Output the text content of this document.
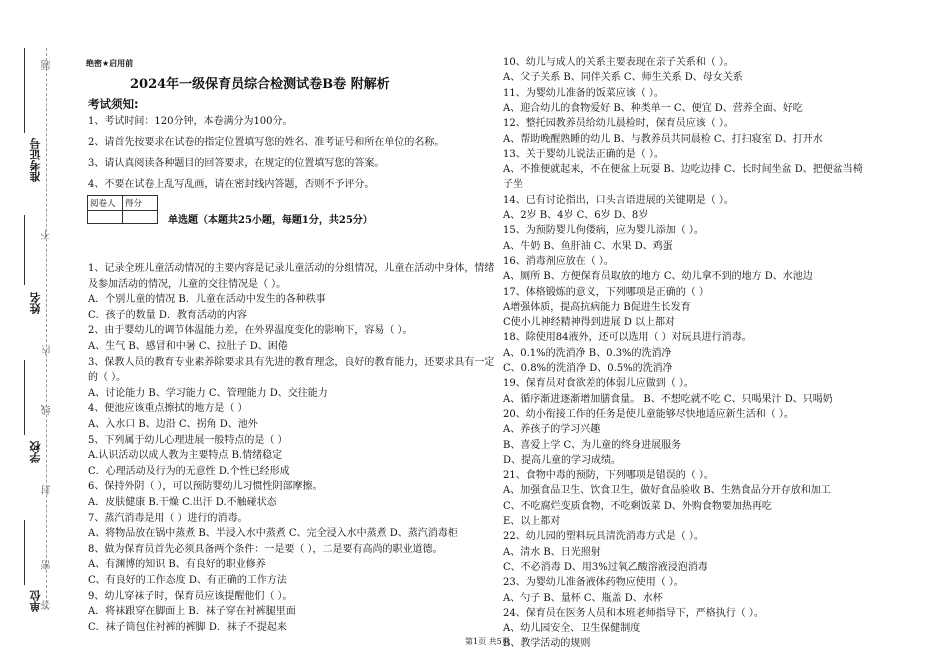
准考证号
姓名
学校
单位
题
不
内
线
封
密
答
绝密★启用前
2024年一级保育员综合检测试卷B卷 附解析
考试须知:
1、考试时间：120分钟，本卷满分为100分。
2、请首先按要求在试卷的指定位置填写您的姓名、准考证号和所在单位的名称。
3、请认真阅读各种题目的回答要求，在规定的位置填写您的答案。
4、不要在试卷上乱写乱画，请在密封线内答题，否则不予评分。
阅卷人	得分

单选题（本题共25小题，每题1分，共25分）
1、记录全班儿童活动情况的主要内容是记录儿童活动的分组情况，儿童在活动中身体，情绪
及参加活动的情况，儿童的交往情况是（ ）。
A．个别儿童的情况 B．儿童在活动中发生的各种秩事
C．孩子的数量 D．教育活动的内容
2、由于婴幼儿的调节体温能力差，在外界温度变化的影响下，容易（ ）。
A、生气 B、感冒和中暑 C、拉肚子 D、困倦
3、保教人员的教育专业素养除要求具有先进的教育理念，良好的教育能力，还要求具有一定
的（ ）。
A、讨论能力 B、学习能力 C、管理能力 D、交往能力
4、便池应该重点擦拭的地方是（ ）
A、入水口 B、边沿 C、拐角 D、池外
5、下列属于幼儿心理进展一般特点的是（ ）
A.认识活动以成人教为主要特点 B.情绪稳定
C．心理活动及行为的无意性 D.个性已经形成
6、保持外阴（ ），可以预防婴幼儿习惯性阴部摩擦。
A．皮肤健康 B.干燥 C.出汗 D.不触碰状态
7、蒸汽消毒是用（ ）进行的消毒。
A、将物品放在锅中蒸煮 B、半浸入水中蒸煮 C、完全浸入水中蒸煮 D、蒸汽消毒柜
8、做为保育员首先必须具备两个条件：一是要（ ），二是要有高尚的职业道德。
A、有渊博的知识 B、有良好的职业修养
C、有良好的工作态度 D、有正确的工作方法
9、幼儿穿袜子时，保育员应该提醒他们（ ）。
A．将袜跟穿在脚面上 B．袜子穿在衬裤腿里面
C．袜子筒包住衬裤的裤脚 D．袜子不提起来
10、幼儿与成人的关系主要表现在亲子关系和（ ）。
A、父子关系 B、同伴关系 C、师生关系 D、母女关系
11、为婴幼儿准备的饭菜应该（ ）。
A、迎合幼儿的食物爱好 B、种类单一 C、便宜 D、营养全面、好吃
12、整托园教养员给幼儿晨检时，保育员应该（ ）。
A、帮助晚醒熟睡的幼儿 B、与教养员共同晨检 C、打扫寝室 D、打开水
13、关于婴幼儿说法正确的是（ ）。
A、不推便就起来，不在便盆上玩耍 B、边吃边排 C、长时间坐盆 D、把便盆当椅
子坐
14、已有讨论指出，口头言语进展的关键期是（ ）。
A、2岁 B、4岁 C、6岁 D、8岁
15、为预防婴儿佝偻病，应为婴儿添加（ ）。
A、牛奶 B、鱼肝油 C、水果 D、鸡蛋
16、消毒剂应放在（ ）。
A、厕所 B、方便保育员取放的地方 C、幼儿拿不到的地方 D、水池边
17、体格锻炼的意义，下列哪项是正确的（ ）
A增强体质，提高抗病能力 B促进生长发育
C使小儿神经精神得到进展 D 以上都对
18、除使用84液外，还可以选用（ ）对玩具进行消毒。
A、0.1%的洗消净 B、0.3%的洗消净
C、0.8%的洗消净 D、0.5%的洗消净
19、保育员对食欲差的体弱儿应做到（ ）。
A、循序渐进逐渐增加膳食量。 B、不想吃就不吃 C、只喝果汁 D、只喝奶
20、幼小衔接工作的任务是使儿童能够尽快地适应新生活和（ ）。
A、养孩子的学习兴趣
B、喜爱上学 C、为儿童的终身进展服务
D、提高儿童的学习成绩。
21、食物中毒的预防，下列哪项是错误的（ ）。
A、加强食品卫生、饮食卫生，做好食品验收 B、生熟食品分开存放和加工
C、不吃腐烂变质食物，不吃剩饭菜 D、外购食物要加热再吃
E、以上都对
22、幼儿园的塑料玩具清洗消毒方式是（ ）。
A、清水 B、日光照射
C、不必消毒 D、用3%过氧乙酸溶液浸泡消毒
23、为婴幼儿准备液体药物应使用（ ）。
A、勺子 B、量杯 C、瓶盖 D、水杯
24、保育员在医务人员和本班老师指导下，严格执行（ ）。
A、幼儿园安全、卫生保健制度
B、教学活动的规则
第1页 共5页
